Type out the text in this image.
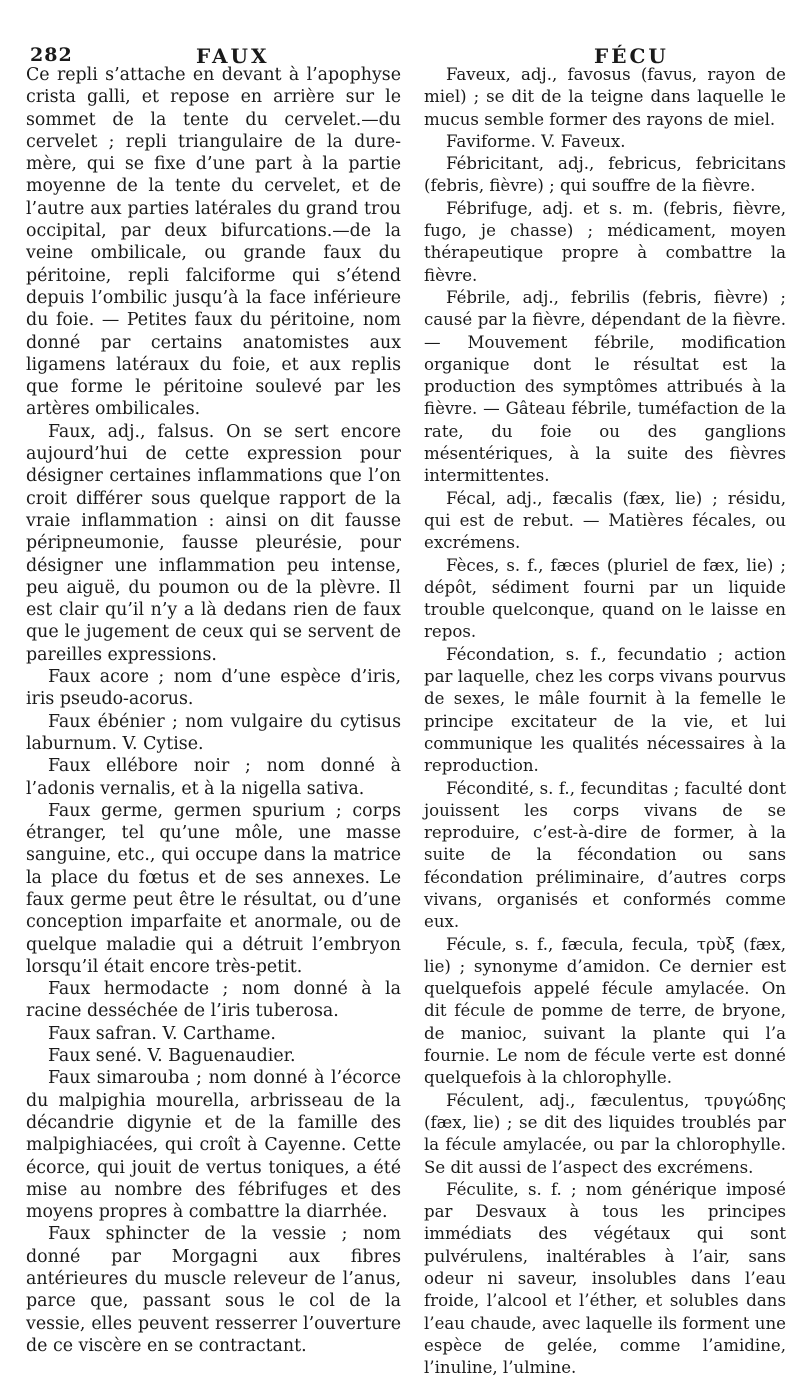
282	FAUX	FÉCU

Ce repli s’attache en devant à l’apophyse crista galli, et repose en arrière sur le sommet de la tente du cervelet.—du cervelet ; repli triangulaire de la dure-mère, qui se fixe d’une part à la partie moyenne de la tente du cervelet, et de l’autre aux parties latérales du grand trou occipital, par deux bifurcations.—de la veine ombilicale, ou grande faux du péritoine, repli falciforme qui s’étend depuis l’ombilic jusqu’à la face inférieure du foie. — Petites faux du péritoine, nom donné par certains anatomistes aux ligamens latéraux du foie, et aux replis que forme le péritoine soulevé par les artères ombilicales.

Faux, adj., falsus. On se sert encore aujourd’hui de cette expression pour désigner certaines inflammations que l’on croit différer sous quelque rapport de la vraie inflammation : ainsi on dit fausse péripneumonie, fausse pleurésie, pour désigner une inflammation peu intense, peu aiguë, du poumon ou de la plèvre. Il est clair qu’il n’y a là dedans rien de faux que le jugement de ceux qui se servent de pareilles expressions.

Faux acore ; nom d’une espèce d’iris, iris pseudo-acorus.

Faux ébénier ; nom vulgaire du cytisus laburnum. V. Cytise.

Faux ellébore noir ; nom donné à l’adonis vernalis, et à la nigella sativa.

Faux germe, germen spurium ; corps étranger, tel qu’une môle, une masse sanguine, etc., qui occupe dans la matrice la place du fœtus et de ses annexes. Le faux germe peut être le résultat, ou d’une conception imparfaite et anormale, ou de quelque maladie qui a détruit l’embryon lorsqu’il était encore très-petit.

Faux hermodacte ; nom donné à la racine desséchée de l’iris tuberosa.

Faux safran. V. Carthame.

Faux sené. V. Baguenaudier.

Faux simarouba ; nom donné à l’écorce du malpighia mourella, arbrisseau de la décandrie digynie et de la famille des malpighiacées, qui croît à Cayenne. Cette écorce, qui jouit de vertus toniques, a été mise au nombre des fébrifuges et des moyens propres à combattre la diarrhée.

Faux sphincter de la vessie ; nom donné par Morgagni aux fibres antérieures du muscle releveur de l’anus, parce que, passant sous le col de la vessie, elles peuvent resserrer l’ouverture de ce viscère en se contractant.

Faveux, adj., favosus (favus, rayon de miel) ; se dit de la teigne dans laquelle le mucus semble former des rayons de miel.

Faviforme. V. Faveux.

Fébricitant, adj., febricus, febricitans (febris, fièvre) ; qui souffre de la fièvre.

Fébrifuge, adj. et s. m. (febris, fièvre, fugo, je chasse) ; médicament, moyen thérapeutique propre à combattre la fièvre.

Fébrile, adj., febrilis (febris, fièvre) ; causé par la fièvre, dépendant de la fièvre. — Mouvement fébrile, modification organique dont le résultat est la production des symptômes attribués à la fièvre. — Gâteau fébrile, tuméfaction de la rate, du foie ou des ganglions mésentériques, à la suite des fièvres intermittentes.

Fécal, adj., fæcalis (fæx, lie) ; résidu, qui est de rebut. — Matières fécales, ou excrémens.

Fèces, s. f., fæces (pluriel de fæx, lie) ; dépôt, sédiment fourni par un liquide trouble quelconque, quand on le laisse en repos.

Fécondation, s. f., fecundatio ; action par laquelle, chez les corps vivans pourvus de sexes, le mâle fournit à la femelle le principe excitateur de la vie, et lui communique les qualités nécessaires à la reproduction.

Fécondité, s. f., fecunditas ; faculté dont jouissent les corps vivans de se reproduire, c’est-à-dire de former, à la suite de la fécondation ou sans fécondation préliminaire, d’autres corps vivans, organisés et conformés comme eux.

Fécule, s. f., fæcula, fecula, τρὺξ (fæx, lie) ; synonyme d’amidon. Ce dernier est quelquefois appelé fécule amylacée. On dit fécule de pomme de terre, de bryone, de manioc, suivant la plante qui l’a fournie. Le nom de fécule verte est donné quelquefois à la chlorophylle.

Féculent, adj., fæculentus, τρυγώδης (fæx, lie) ; se dit des liquides troublés par la fécule amylacée, ou par la chlorophylle. Se dit aussi de l’aspect des excrémens.

Féculite, s. f. ; nom générique imposé par Desvaux à tous les principes immédiats des végétaux qui sont pulvérulens, inaltérables à l’air, sans odeur ni saveur, insolubles dans l’eau froide, l’alcool et l’éther, et solubles dans l’eau chaude, avec laquelle ils forment une espèce de gelée, comme l’amidine, l’inuline, l’ulmine.
